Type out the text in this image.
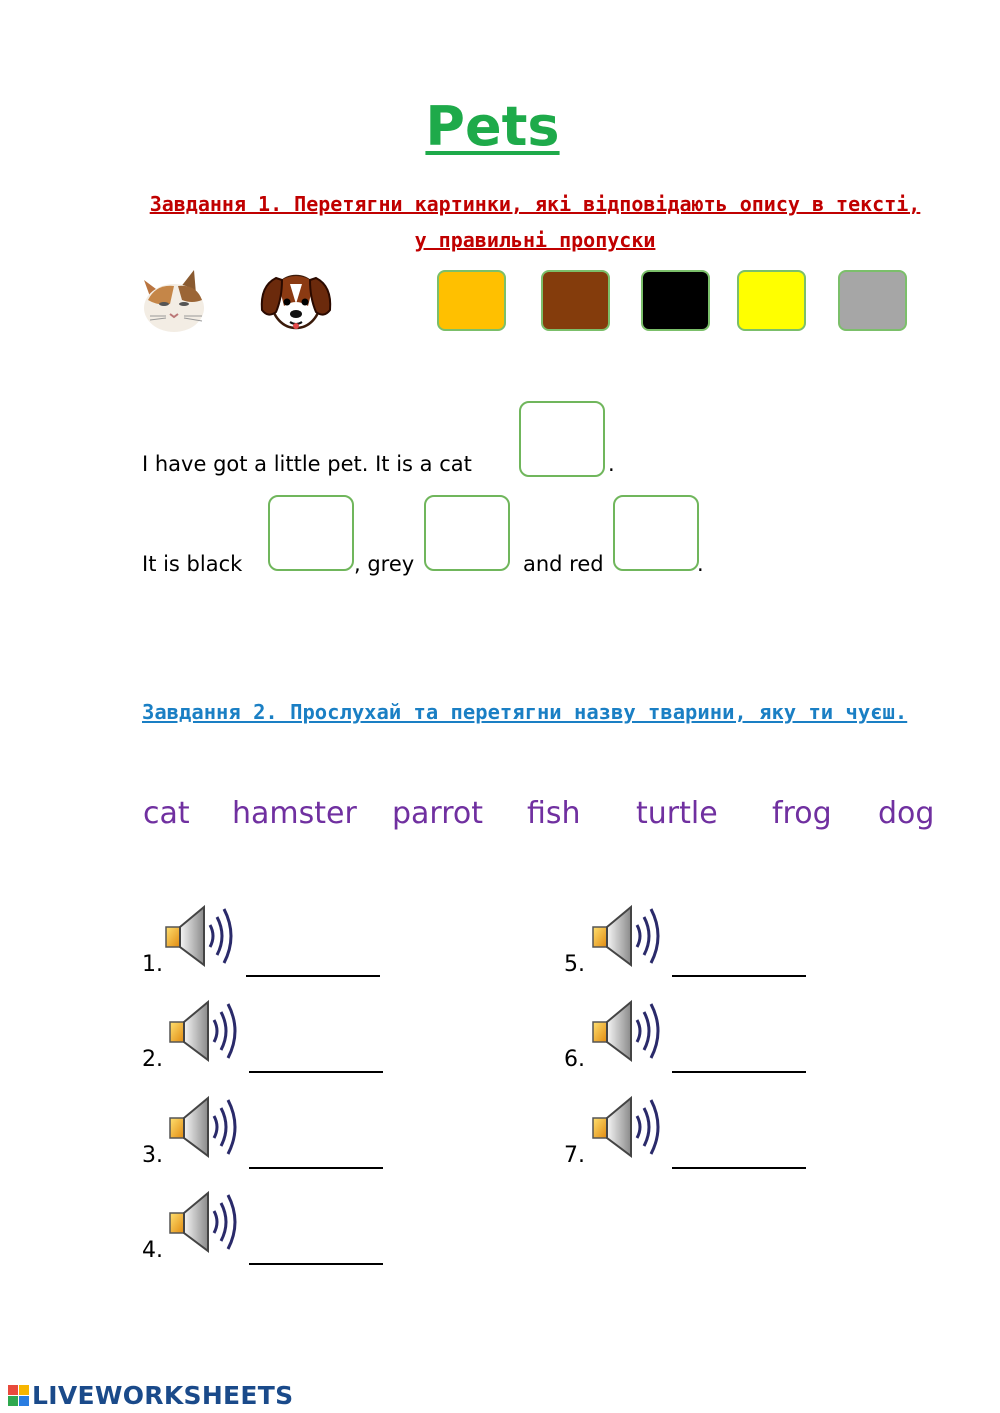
Pets
Завдання 1. Перетягни картинки, які відповідають опису в тексті,
у правильні пропуски
I have got a little pet. It is a cat	.
It is black	, grey	and red	.
Завдання 2. Прослухай та перетягни назву тварини, яку ти чуєш.
cat hamster parrot fish turtle frog dog
1.
2.
3.
4.
5.
6.
7.
LIVEWORKSHEETS
